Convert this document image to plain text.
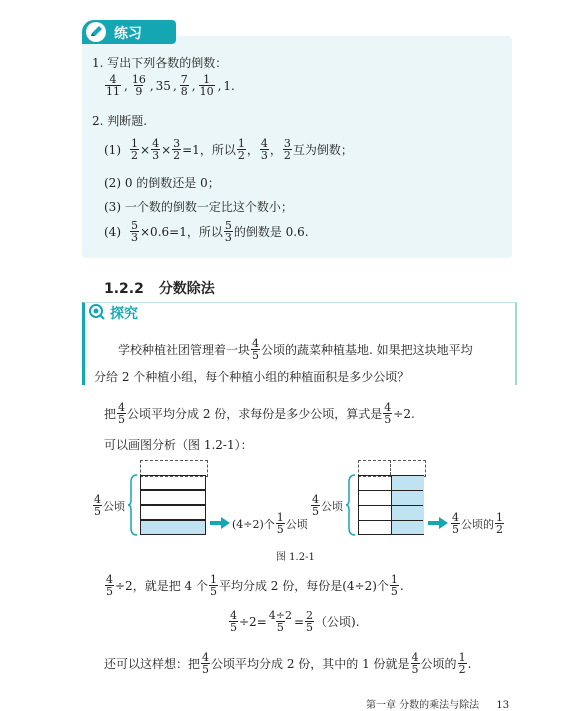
练习
1. 写出下列各数的倒数：
$\frac{4}{11}$ , $\frac{16}{9}$ , 35 , $\frac{7}{8}$ , $\frac{1}{10}$ , 1.
2. 判断题.
$(1) \frac{1}{2} \times \frac{4}{3} \times \frac{3}{2} =1$，所以 $\frac{1}{2}$ ， $\frac{4}{3}$ ， $\frac{3}{2}$ 互为倒数；
(2) 0 的倒数还是 0；
(3) 一个数的倒数一定比这个数小；
$(4) \frac{5}{3} \times 0.6=1$，所以 $\frac{5}{3}$ 的倒数是 0.6.
1.2.2 分数除法
探究
学校种植社团管理着一块 $\frac{4}{5}$ 公顷的蔬菜种植基地. 如果把这块地平均
分给 2 个种植小组，每个种植小组的种植面积是多少公顷？
把 $\frac{4}{5}$ 公顷平均分成 2 份，求每份是多少公顷，算式是 $\frac{4}{5} \div 2$.
可以画图分析（图 1.2-1）：
$\frac{4}{5}$ 公顷
(4÷2)个 $\frac{1}{5}$ 公顷
$\frac{4}{5}$ 公顷
$\frac{4}{5}$ 公顷的 $\frac{1}{2}$
图 1.2-1
$\frac{4}{5} \div 2$，就是把 4 个 $\frac{1}{5}$ 平均分成 2 份，每份是(4÷2)个 $\frac{1}{5}$ .
$\frac{4}{5} \div 2= \frac{4\div 2}{5} = \frac{2}{5}$ （公顷).
还可以这样想：把 $\frac{4}{5}$ 公顷平均分成 2 份，其中的 1 份就是 $\frac{4}{5}$ 公顷的 $\frac{1}{2}$ .
第一章 分数的乘法与除法 13
